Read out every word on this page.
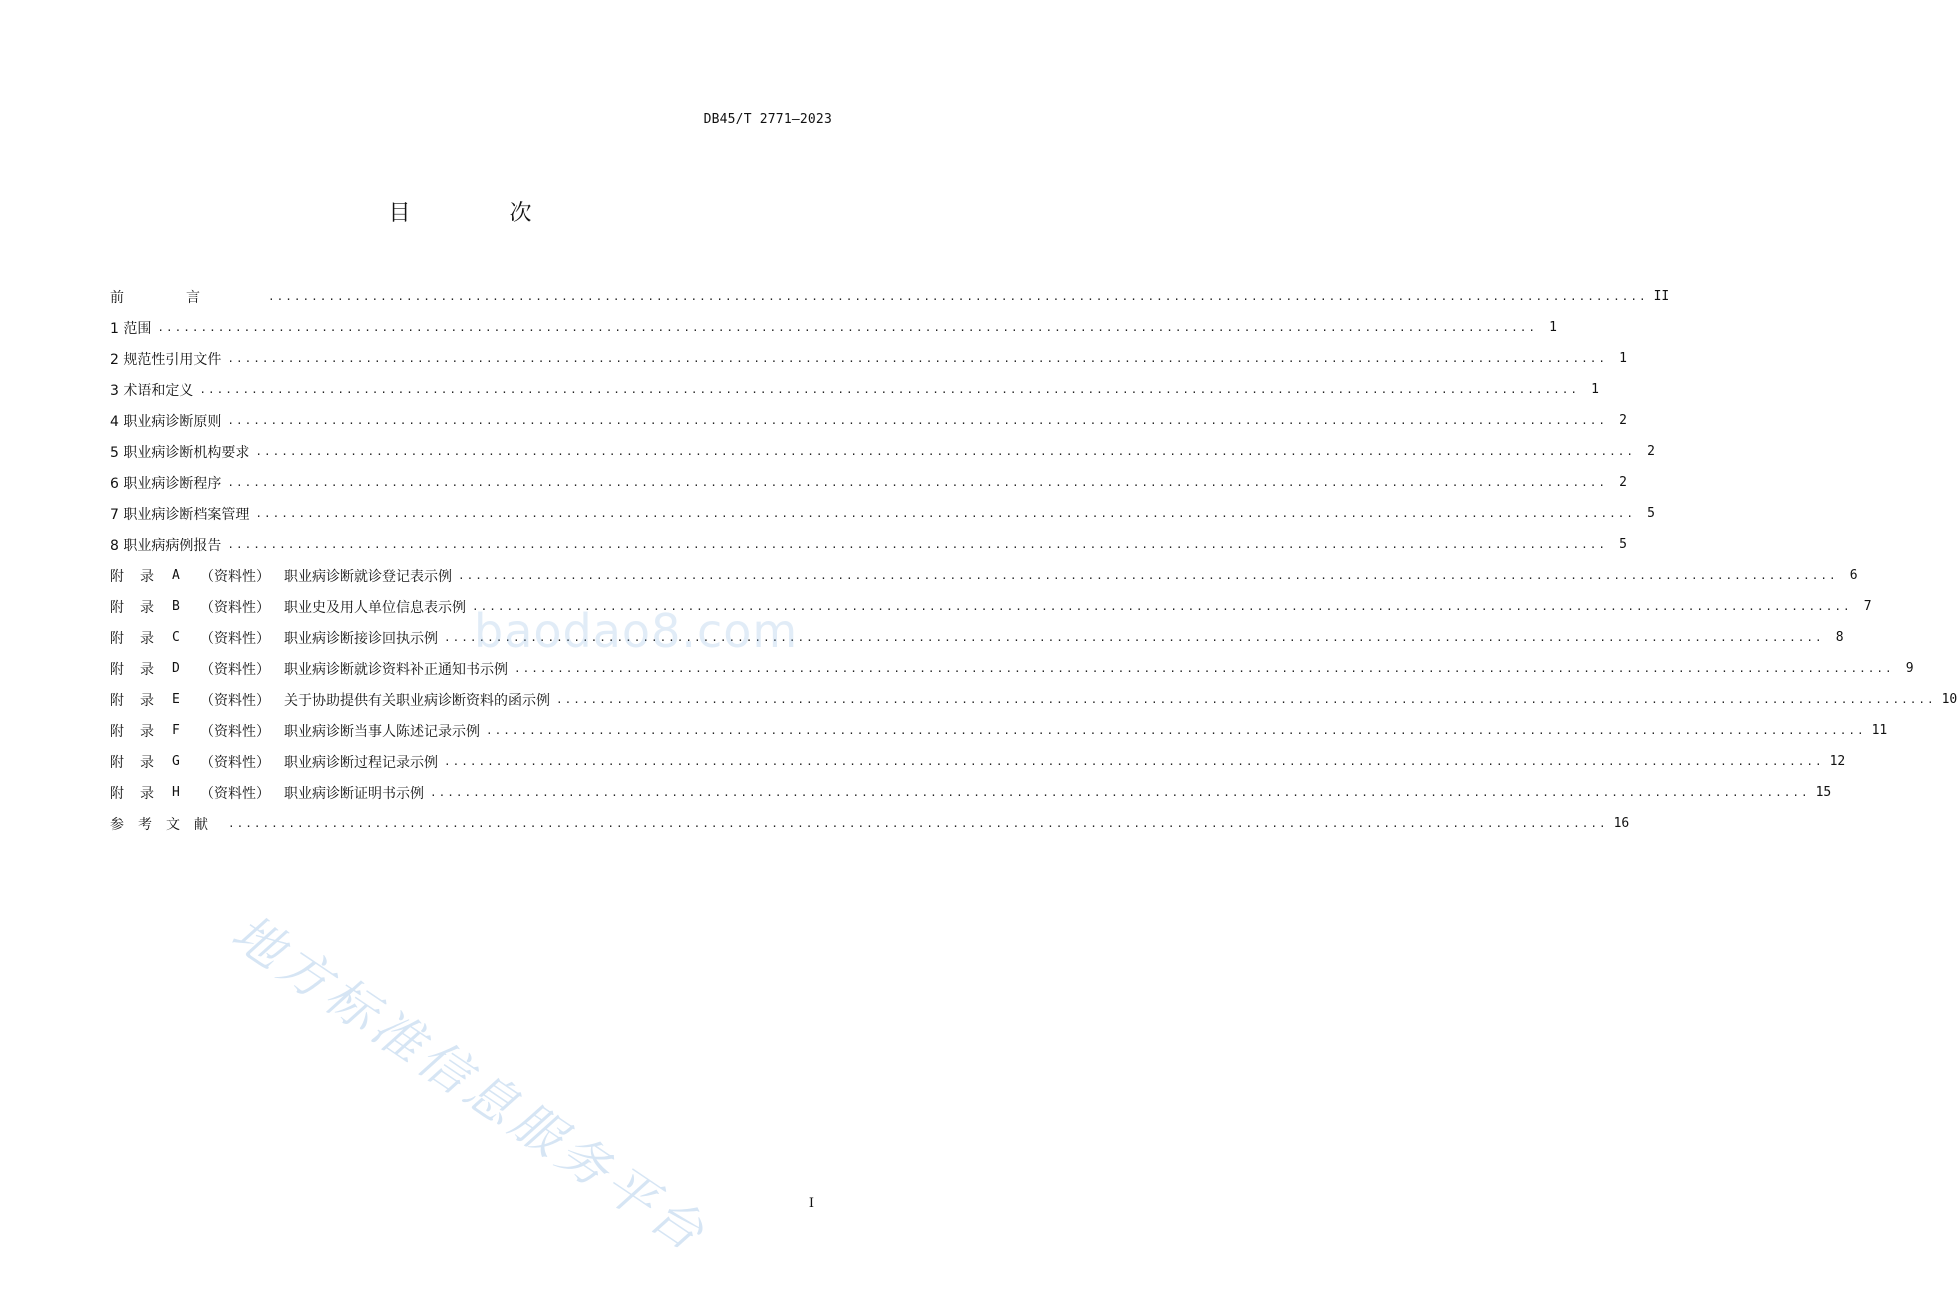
DB45/T 2771—2023
目 次
前言 ................................................................................................................................................................ II
1 范围 ................................................................................................................................................................ 1
2 规范性引用文件 ................................................................................................................................................................ 1
3 术语和定义 ................................................................................................................................................................ 1
4 职业病诊断原则 ................................................................................................................................................................ 2
5 职业病诊断机构要求 ................................................................................................................................................................ 2
6 职业病诊断程序 ................................................................................................................................................................ 2
7 职业病诊断档案管理 ................................................................................................................................................................ 5
8 职业病病例报告 ................................................................................................................................................................ 5
附录 A	（资料性）	职业病诊断就诊登记表示例 ................................................................................................................................................................ 6
附录 B	（资料性）	职业史及用人单位信息表示例 ................................................................................................................................................................ 7
附录 C	（资料性）	职业病诊断接诊回执示例 ................................................................................................................................................................ 8
附录 D	（资料性）	职业病诊断就诊资料补正通知书示例 ................................................................................................................................................................ 9
附录 E	（资料性）	关于协助提供有关职业病诊断资料的函示例 ................................................................................................................................................................ 10
附录 F	（资料性）	职业病诊断当事人陈述记录示例 ................................................................................................................................................................ 11
附录 G	（资料性）	职业病诊断过程记录示例 ................................................................................................................................................................ 12
附录 H	（资料性）	职业病诊断证明书示例 ................................................................................................................................................................ 15
参考文献 ................................................................................................................................................................ 16
baodao8.com
地方标准信息服务平台	I
